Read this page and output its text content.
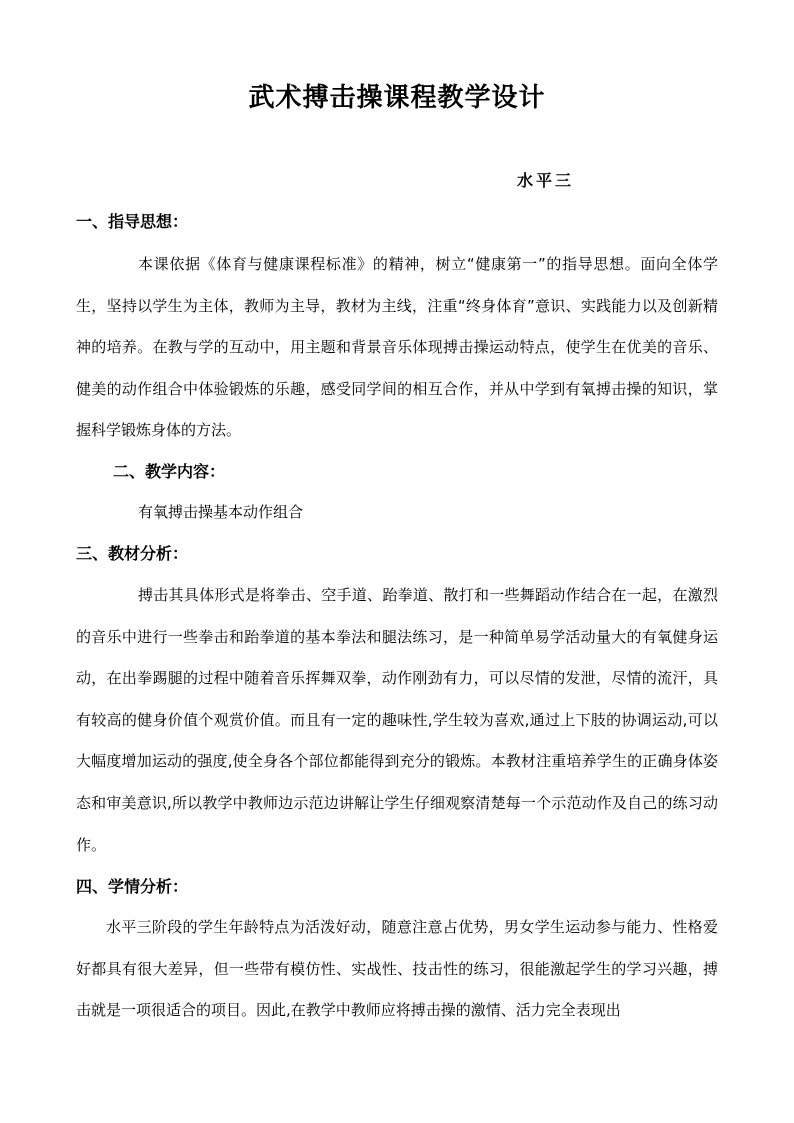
武术搏击操课程教学设计
水平三
一、指导思想：

本课依据《体育与健康课程标准》的精神，树立“健康第一”的指导思想。面向全体学生，坚持以学生为主体，教师为主导，教材为主线，注重“终身体育”意识、实践能力以及创新精神的培养。在教与学的互动中，用主题和背景音乐体现搏击操运动特点，使学生在优美的音乐、健美的动作组合中体验锻炼的乐趣，感受同学间的相互合作，并从中学到有氧搏击操的知识，掌握科学锻炼身体的方法。

二、教学内容：
有氧搏击操基本动作组合
三、教材分析：

搏击其具体形式是将拳击、空手道、跆拳道、散打和一些舞蹈动作结合在一起，在激烈的音乐中进行一些拳击和跆拳道的基本拳法和腿法练习，是一种简单易学活动量大的有氧健身运动，在出拳踢腿的过程中随着音乐挥舞双拳，动作刚劲有力，可以尽情的发泄，尽情的流汗，具有较高的健身价值个观赏价值。而且有一定的趣味性,学生较为喜欢,通过上下肢的协调运动,可以大幅度增加运动的强度,使全身各个部位都能得到充分的锻炼。本教材注重培养学生的正确身体姿态和审美意识,所以教学中教师边示范边讲解让学生仔细观察清楚每一个示范动作及自己的练习动作。

四、学情分析：

水平三阶段的学生年龄特点为活泼好动，随意注意占优势，男女学生运动参与能力、性格爱好都具有很大差异，但一些带有模仿性、实战性、技击性的练习，很能激起学生的学习兴趣，搏击就是一项很适合的项目。因此,在教学中教师应将搏击操的激情、活力完全表现出
